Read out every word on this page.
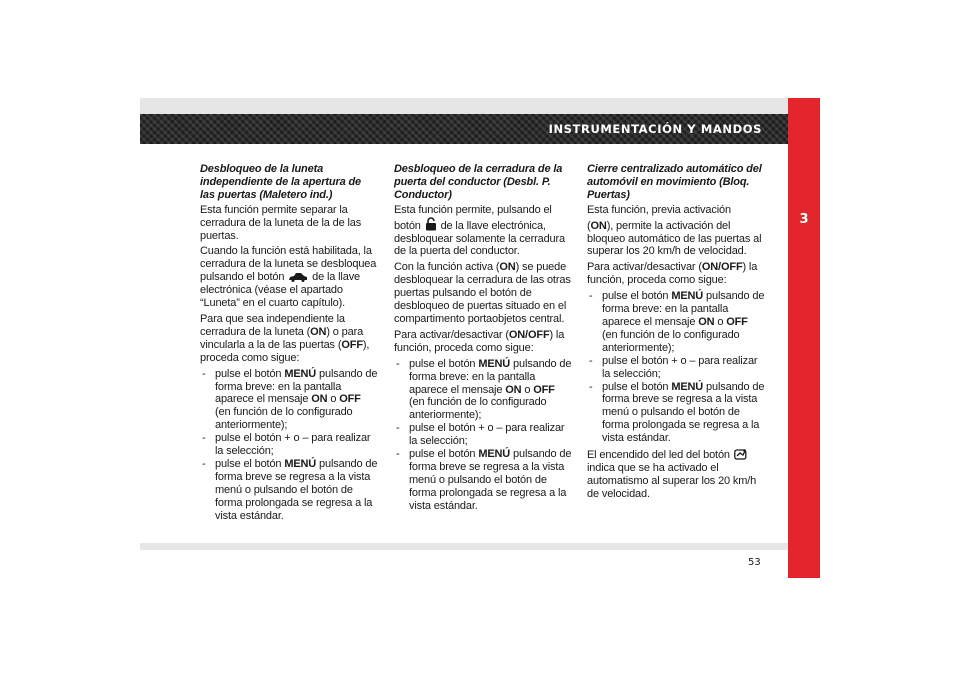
INSTRUMENTACIÓN Y MANDOS
3
Desbloqueo de la luneta independiente de la apertura de las puertas (Maletero ind.)

Esta función permite separar la cerradura de la luneta de la de las puertas.

Cuando la función está habilitada, la cerradura de la luneta se desbloquea pulsando el botón	de la llave electrónica (véase el apartado “Luneta” en el cuarto capítulo).

Para que sea independiente la cerradura de la luneta (ON) o para vincularla a la de las puertas (OFF), proceda como sigue:

- pulse el botón MENÚ pulsando de forma breve: en la pantalla aparece el mensaje ON o OFF (en función de lo configurado anteriormente);
- pulse el botón + o – para realizar la selección;
- pulse el botón MENÚ pulsando de forma breve se regresa a la vista menú o pulsando el botón de forma prolongada se regresa a la vista estándar.
Desbloqueo de la cerradura de la puerta del conductor (Desbl. P. Conductor)

Esta función permite, pulsando el botón de la llave electrónica, desbloquear solamente la cerradura de la puerta del conductor.

Con la función activa (ON) se puede desbloquear la cerradura de las otras puertas pulsando el botón de desbloqueo de puertas situado en el compartimento portaobjetos central.

Para activar/desactivar (ON/OFF) la función, proceda como sigue:

- pulse el botón MENÚ pulsando de forma breve: en la pantalla aparece el mensaje ON o OFF (en función de lo configurado anteriormente);
- pulse el botón + o – para realizar la selección;
- pulse el botón MENÚ pulsando de forma breve se regresa a la vista menú o pulsando el botón de forma prolongada se regresa a la vista estándar.
Cierre centralizado automático del automóvil en movimiento (Bloq. Puertas)

Esta función, previa activación

(ON), permite la activación del bloqueo automático de las puertas al superar los 20 km/h de velocidad.

Para activar/desactivar (ON/OFF) la función, proceda como sigue:

- pulse el botón MENÚ pulsando de forma breve: en la pantalla aparece el mensaje ON o OFF (en función de lo configurado anteriormente);
- pulse el botón + o – para realizar la selección;
- pulse el botón MENÚ pulsando de forma breve se regresa a la vista menú o pulsando el botón de forma prolongada se regresa a la vista estándar.

El encendido del led del botón  indica que se ha activado el automatismo al superar los 20 km/h de velocidad.

53
